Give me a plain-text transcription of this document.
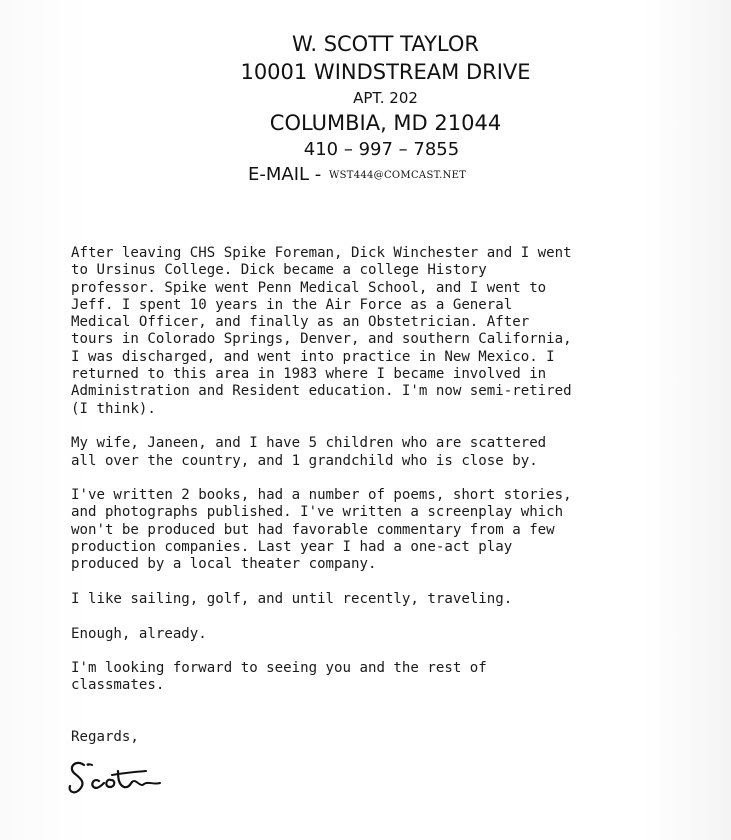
W. SCOTT TAYLOR
10001 WINDSTREAM DRIVE
APT. 202
COLUMBIA, MD 21044
410 – 997 – 7855
E-MAIL - WST444@COMCAST.NET
After leaving CHS Spike Foreman, Dick Winchester and I went
to Ursinus College. Dick became a college History
professor. Spike went Penn Medical School, and I went to
Jeff. I spent 10 years in the Air Force as a General
Medical Officer, and finally as an Obstetrician. After
tours in Colorado Springs, Denver, and southern California,
I was discharged, and went into practice in New Mexico. I
returned to this area in 1983 where I became involved in
Administration and Resident education. I'm now semi-retired
(I think).
My wife, Janeen, and I have 5 children who are scattered
all over the country, and 1 grandchild who is close by.
I've written 2 books, had a number of poems, short stories,
and photographs published. I've written a screenplay which
won't be produced but had favorable commentary from a few
production companies. Last year I had a one-act play
produced by a local theater company.
I like sailing, golf, and until recently, traveling.
Enough, already.
I'm looking forward to seeing you and the rest of
classmates.
Regards,
